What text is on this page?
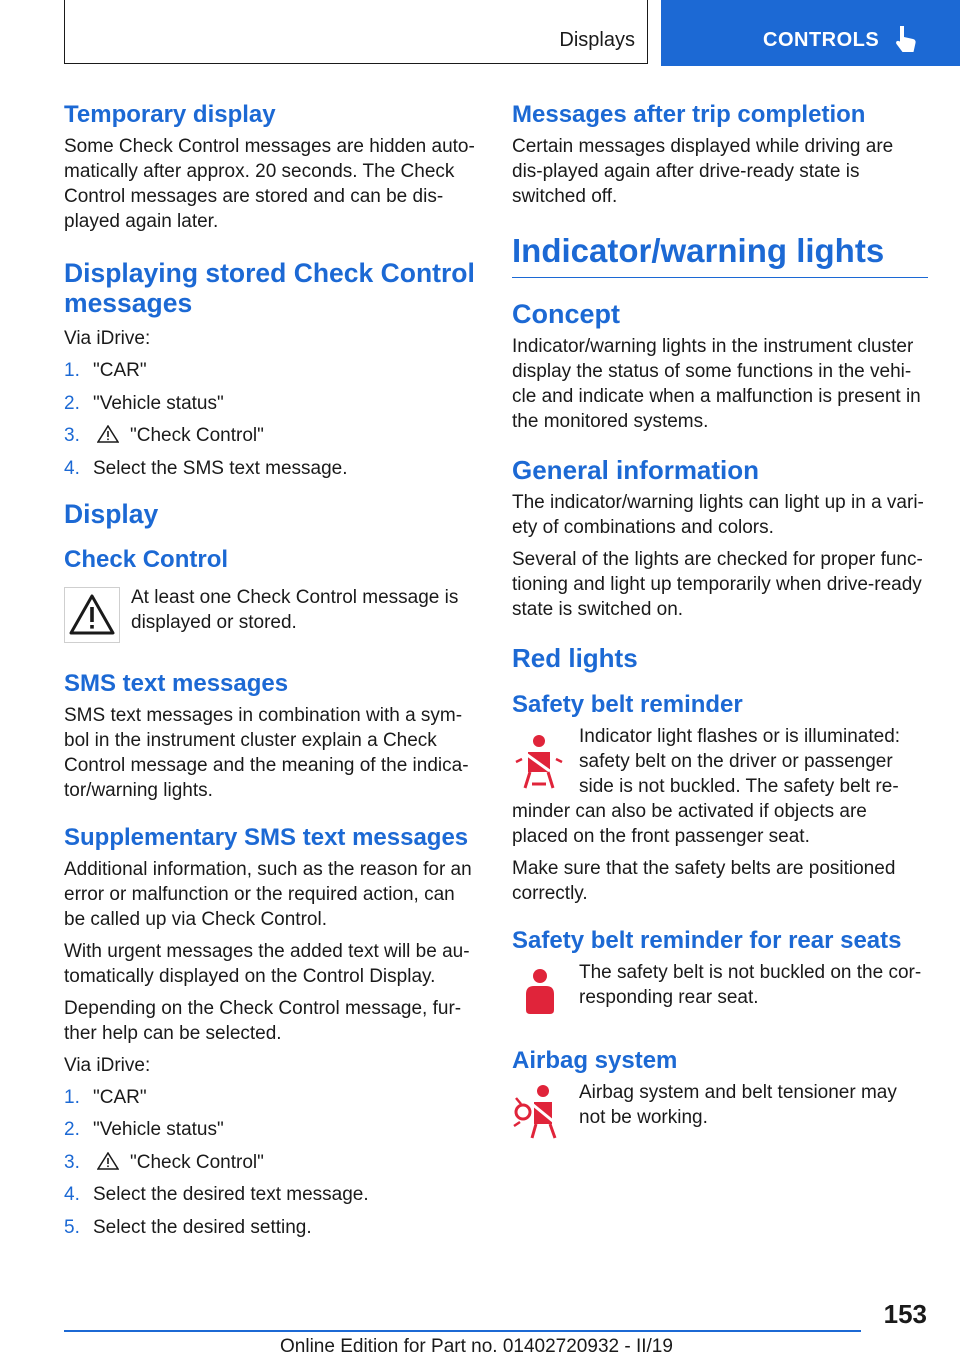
Displays	CONTROLS
Temporary display

Some Check Control messages are hidden auto-matically after approx. 20 seconds. The Check Control messages are stored and can be dis-played again later.

Displaying stored Check Control messages

Via iDrive:

1. "CAR"
2. "Vehicle status"
3.	"Check Control"
4. Select the SMS text message.
Display
Check Control

At least one Check Control message is displayed or stored.

SMS text messages

SMS text messages in combination with a sym-bol in the instrument cluster explain a Check Control message and the meaning of the indica-tor/warning lights.

Supplementary SMS text messages

Additional information, such as the reason for an error or malfunction or the required action, can be called up via Check Control.

With urgent messages the added text will be au-tomatically displayed on the Control Display.

Depending on the Check Control message, fur-ther help can be selected.

Via iDrive:

1. "CAR"
2. "Vehicle status"
3.	"Check Control"
4. Select the desired text message.
5. Select the desired setting.
Messages after trip completion

Certain messages displayed while driving are dis-played again after drive-ready state is switched off.

Indicator/warning lights
Concept

Indicator/warning lights in the instrument cluster display the status of some functions in the vehi-cle and indicate when a malfunction is present in the monitored systems.

General information

The indicator/warning lights can light up in a vari-ety of combinations and colors.

Several of the lights are checked for proper func-tioning and light up temporarily when drive-ready state is switched on.

Red lights
Safety belt reminder

Indicator light flashes or is illuminated: safety belt on the driver or passenger side is not buckled. The safety belt re-

minder can also be activated if objects are placed on the front passenger seat.

Make sure that the safety belts are positioned correctly.

Safety belt reminder for rear seats

The safety belt is not buckled on the cor-responding rear seat.

Airbag system

Airbag system and belt tensioner may not be working.

153
Online Edition for Part no. 01402720932 - II/19
